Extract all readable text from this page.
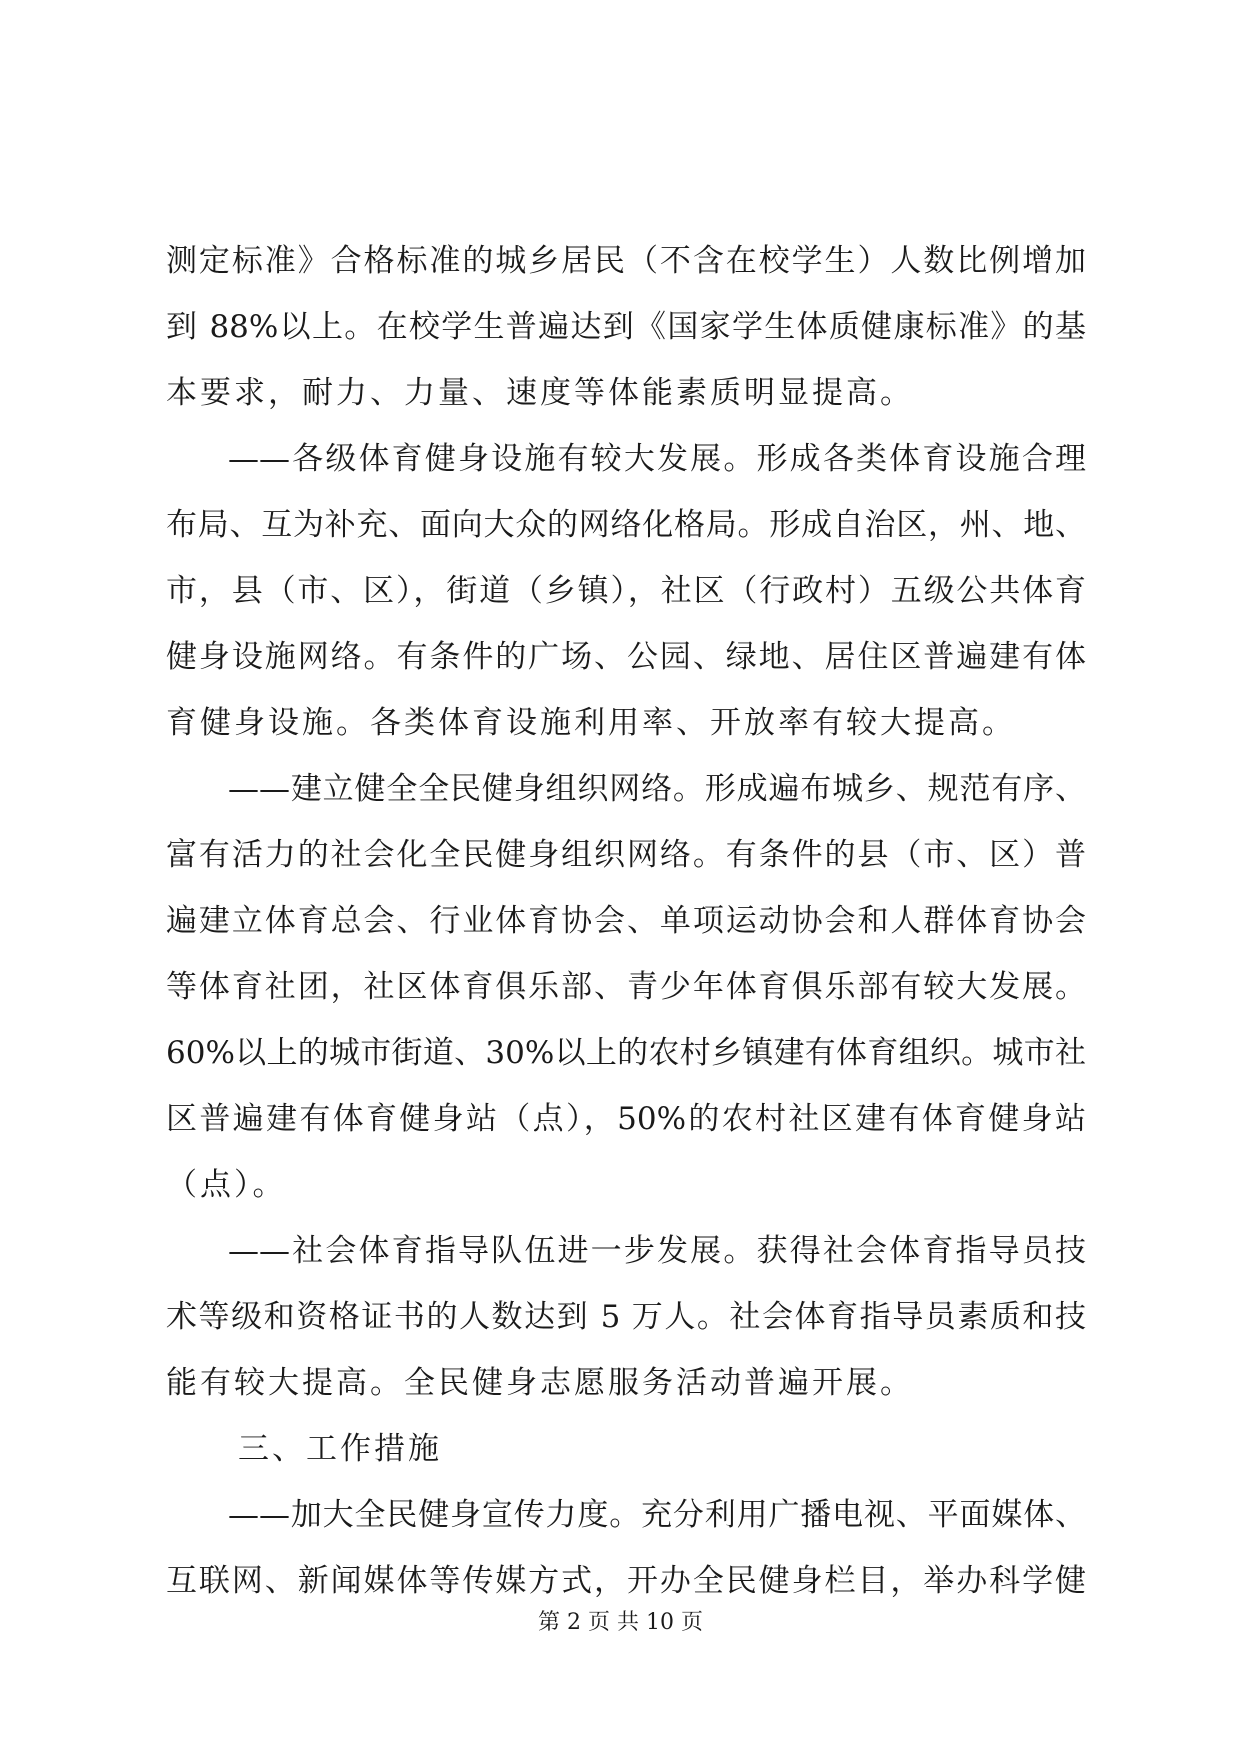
测定标准》合格标准的城乡居民（不含在校学生）人数比例增加
到 88%以上。在校学生普遍达到《国家学生体质健康标准》的基
本要求，耐力、力量、速度等体能素质明显提高。
——各级体育健身设施有较大发展。形成各类体育设施合理
布局、互为补充、面向大众的网络化格局。形成自治区，州、地、
市，县（市、区），街道（乡镇），社区（行政村）五级公共体育
健身设施网络。有条件的广场、公园、绿地、居住区普遍建有体
育健身设施。各类体育设施利用率、开放率有较大提高。
——建立健全全民健身组织网络。形成遍布城乡、规范有序、
富有活力的社会化全民健身组织网络。有条件的县（市、区）普
遍建立体育总会、行业体育协会、单项运动协会和人群体育协会
等体育社团，社区体育俱乐部、青少年体育俱乐部有较大发展。
60%以上的城市街道、30%以上的农村乡镇建有体育组织。城市社
区普遍建有体育健身站（点），50%的农村社区建有体育健身站
（点）。
——社会体育指导队伍进一步发展。获得社会体育指导员技
术等级和资格证书的人数达到 5 万人。社会体育指导员素质和技
能有较大提高。全民健身志愿服务活动普遍开展。
三、工作措施
——加大全民健身宣传力度。充分利用广播电视、平面媒体、
互联网、新闻媒体等传媒方式，开办全民健身栏目，举办科学健
第 2 页 共 10 页
